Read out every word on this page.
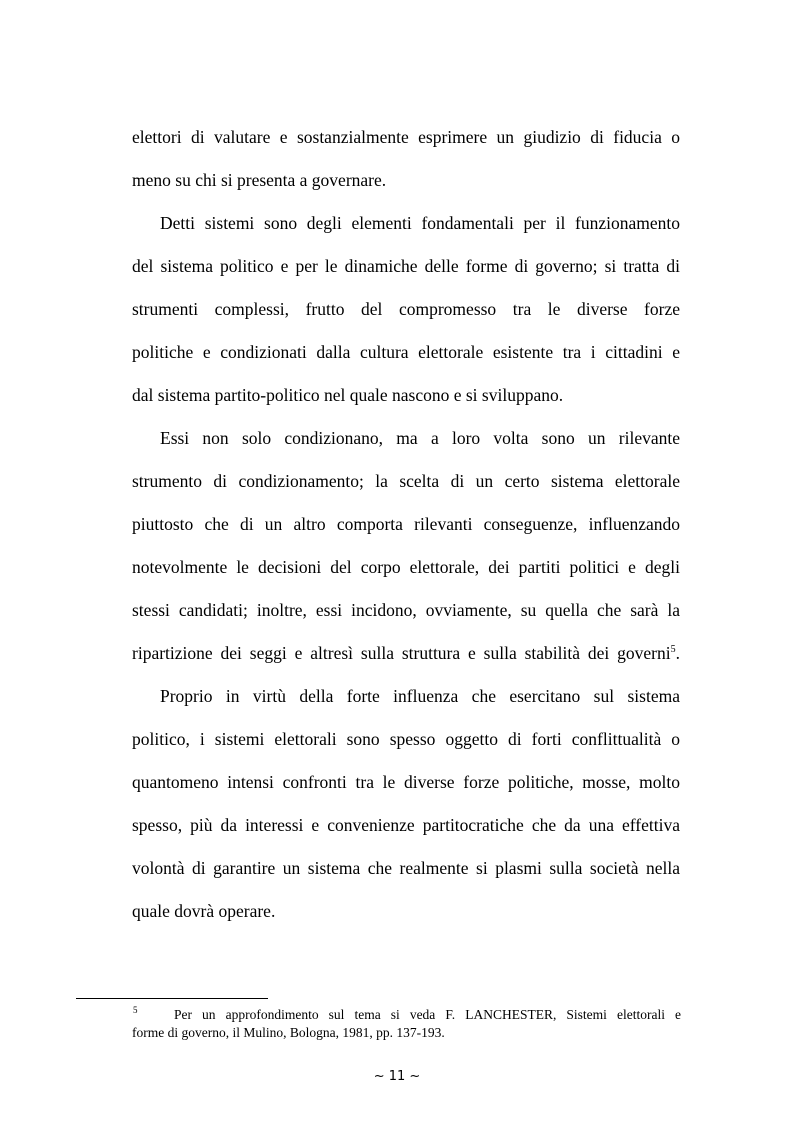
elettori di valutare e sostanzialmente esprimere un giudizio di fiducia o
meno su chi si presenta a governare.
Detti sistemi sono degli elementi fondamentali per il funzionamento
del sistema politico e per le dinamiche delle forme di governo; si tratta di
strumenti complessi, frutto del compromesso tra le diverse forze
politiche e condizionati dalla cultura elettorale esistente tra i cittadini e
dal sistema partito-politico nel quale nascono e si sviluppano.
Essi non solo condizionano, ma a loro volta sono un rilevante
strumento di condizionamento; la scelta di un certo sistema elettorale
piuttosto che di un altro comporta rilevanti conseguenze, influenzando
notevolmente le decisioni del corpo elettorale, dei partiti politici e degli
stessi candidati; inoltre, essi incidono, ovviamente, su quella che sarà la
ripartizione dei seggi e altresì sulla struttura e sulla stabilità dei governi$^5$.
Proprio in virtù della forte influenza che esercitano sul sistema
politico, i sistemi elettorali sono spesso oggetto di forti conflittualità o
quantomeno intensi confronti tra le diverse forze politiche, mosse, molto
spesso, più da interessi e convenienze partitocratiche che da una effettiva
volontà di garantire un sistema che realmente si plasmi sulla società nella
quale dovrà operare.
5	Per un approfondimento sul tema si veda F. LANCHESTER, Sistemi elettorali e
forme di governo, il Mulino, Bologna, 1981, pp. 137-193.
~ 11 ~
